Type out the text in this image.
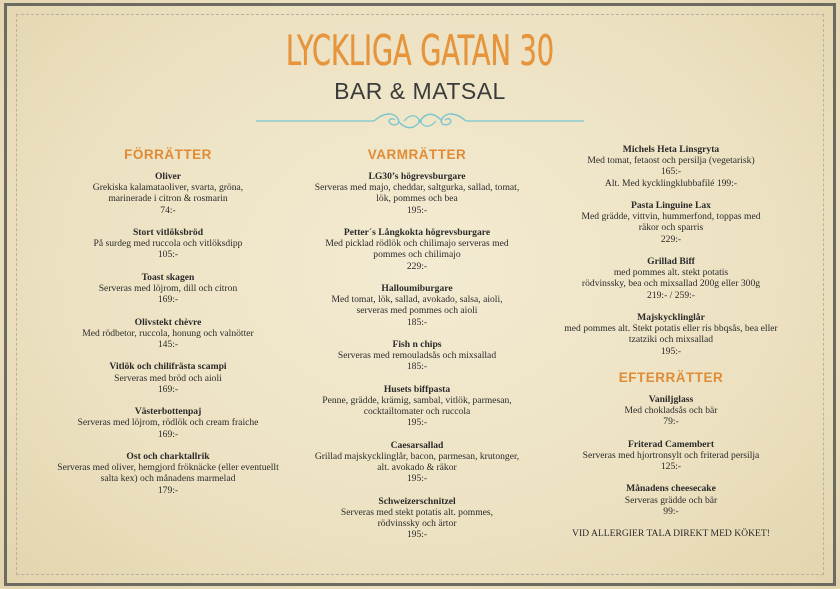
LYCKLIGA GATAN 30
BAR & MATSAL
FÖRRÄTTER
Oliver
Grekiska kalamataoliver, svarta, gröna,
marinerade i citron & rosmarin
74:-
Stort vitlöksbröd
På surdeg med ruccola och vitlöksdipp
105:-
Toast skagen
Serveras med löjrom, dill och citron
169:-
Olivstekt chèvre
Med rödbetor, ruccola, honung och valnötter
145:-
Vitlök och chilifrästa scampi
Serveras med bröd och aioli
169:-
Västerbottenpaj
Serveras med löjrom, rödlök och cream fraiche
169:-
Ost och charktallrik
Serveras med oliver, hemgjord fröknäcke (eller eventuellt
salta kex) och månadens marmelad
179:-
VARMRÄTTER
LG30’s högrevsburgare
Serveras med majo, cheddar, saltgurka, sallad, tomat,
lök, pommes och bea
195:-
Petter´s Långkokta högrevsburgare
Med picklad rödlök och chilimajo serveras med
pommes och chilimajo
229:-
Halloumiburgare
Med tomat, lök, sallad, avokado, salsa, aioli,
serveras med pommes och aioli
185:-
Fish n chips
Serveras med remouladsås och mixsallad
185:-
Husets biffpasta
Penne, grädde, krämig, sambal, vitlök, parmesan,
cocktailtomater och ruccola
195:-
Caesarsallad
Grillad majskycklinglår, bacon, parmesan, krutonger,
alt. avokado & räkor
195:-
Schweizerschnitzel
Serveras med stekt potatis alt. pommes,
rödvinssky och ärtor
195:-
Michels Heta Linsgryta
Med tomat, fetaost och persilja (vegetarisk)
165:-
Alt. Med kycklingklubbafilé 199:-
Pasta Linguine Lax
Med grädde, vittvin, hummerfond, toppas med
räkor och sparris
229:-
Grillad Biff
med pommes alt. stekt potatis
rödvinssky, bea och mixsallad 200g eller 300g
219:- / 259:-
Majskycklinglår
med pommes alt. Stekt potatis eller ris bbqsås, bea eller
tzatziki och mixsallad
195:-
EFTERRÄTTER
Vaniljglass
Med chokladsås och bär
79:-
Friterad Camembert
Serveras med hjortronsylt och friterad persilja
125:-
Månadens cheesecake
Serveras grädde och bär
99:-
VID ALLERGIER TALA DIREKT MED KÖKET!
